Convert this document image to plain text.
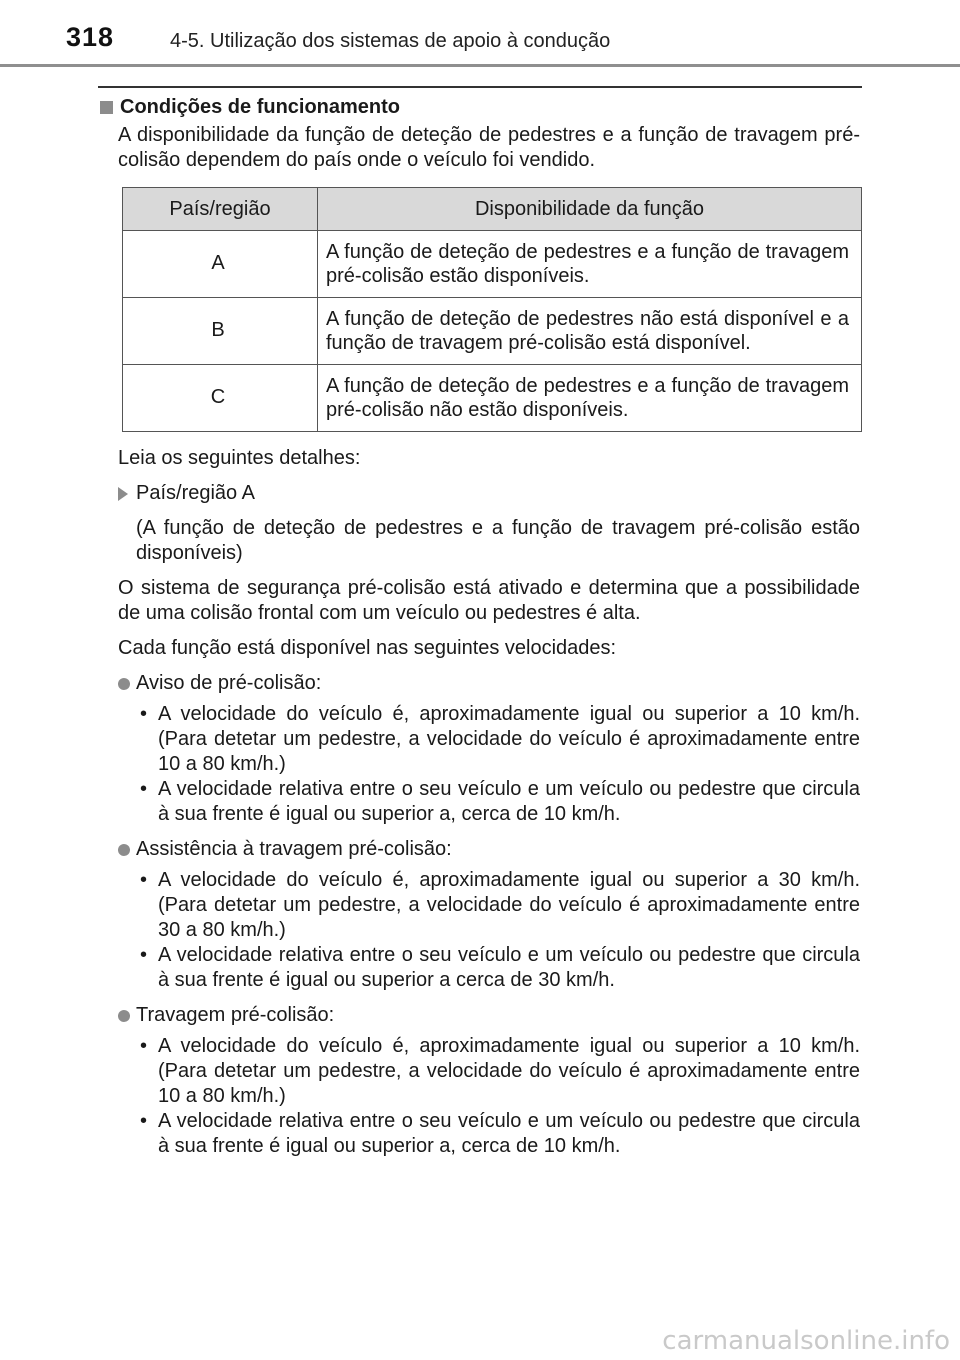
318	4-5. Utilização dos sistemas de apoio à condução
Condições de funcionamento

A disponibilidade da função de deteção de pedestres e a função de travagem pré-colisão dependem do país onde o veículo foi vendido.

País/região	Disponibilidade da função
A	A função de deteção de pedestres e a função de travagem pré-colisão estão disponíveis.
B	A função de deteção de pedestres não está disponível e a função de travagem pré-colisão está disponível.
C	A função de deteção de pedestres e a função de travagem pré-colisão não estão disponíveis.

Leia os seguintes detalhes:

País/região A

(A função de deteção de pedestres e a função de travagem pré-colisão estão disponíveis)

O sistema de segurança pré-colisão está ativado e determina que a possibilidade de uma colisão frontal com um veículo ou pedestres é alta.

Cada função está disponível nas seguintes velocidades:

Aviso de pré-colisão:
• A velocidade do veículo é, aproximadamente igual ou superior a 10 km/h. (Para detetar um pedestre, a velocidade do veículo é aproximadamente entre 10 a 80 km/h.)
• A velocidade relativa entre o seu veículo e um veículo ou pedestre que circula à sua frente é igual ou superior a, cerca de 10 km/h.
Assistência à travagem pré-colisão:
• A velocidade do veículo é, aproximadamente igual ou superior a 30 km/h. (Para detetar um pedestre, a velocidade do veículo é aproximadamente entre 30 a 80 km/h.)
• A velocidade relativa entre o seu veículo e um veículo ou pedestre que circula à sua frente é igual ou superior a cerca de 30 km/h.
Travagem pré-colisão:
• A velocidade do veículo é, aproximadamente igual ou superior a 10 km/h. (Para detetar um pedestre, a velocidade do veículo é aproximadamente entre 10 a 80 km/h.)
• A velocidade relativa entre o seu veículo e um veículo ou pedestre que circula à sua frente é igual ou superior a, cerca de 10 km/h.
carmanualsonline.info
